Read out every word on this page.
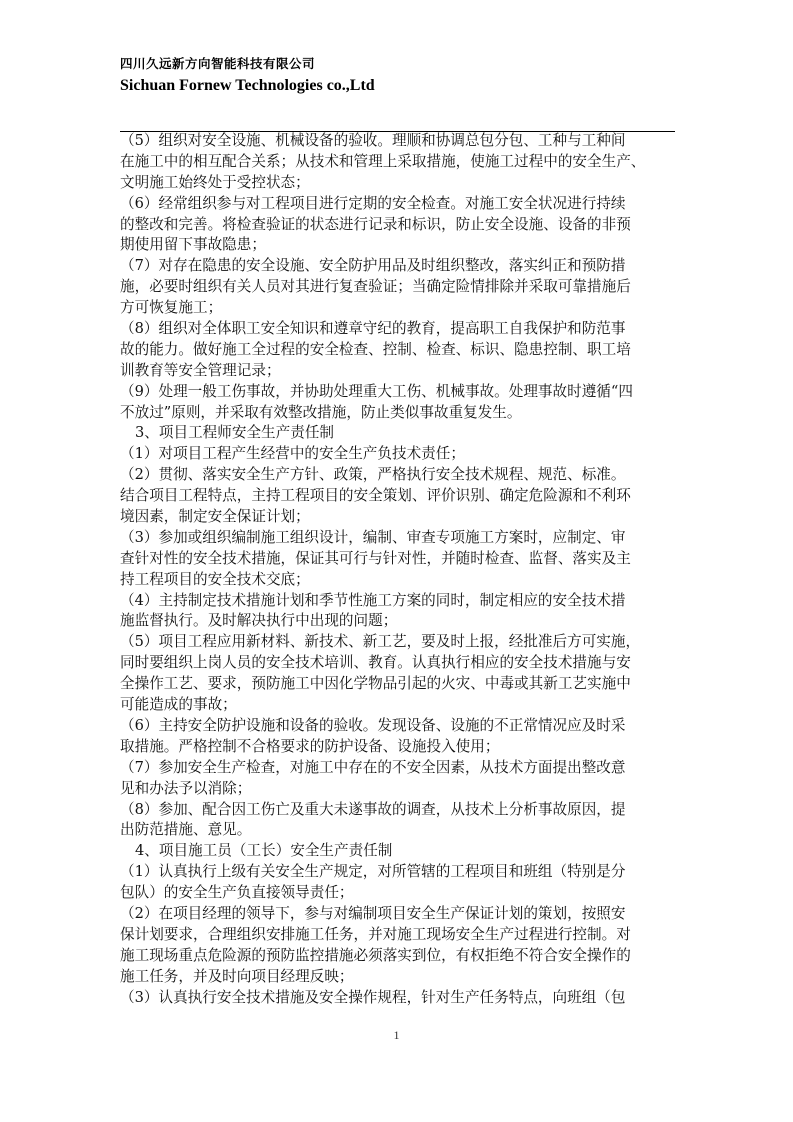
四川久远新方向智能科技有限公司
Sichuan Fornew Technologies co.,Ltd
（5）组织对安全设施、机械设备的验收。理顺和协调总包分包、工种与工种间
在施工中的相互配合关系；从技术和管理上采取措施，使施工过程中的安全生产、
文明施工始终处于受控状态；
（6）经常组织参与对工程项目进行定期的安全检查。对施工安全状况进行持续
的整改和完善。将检查验证的状态进行记录和标识，防止安全设施、设备的非预
期使用留下事故隐患；
（7）对存在隐患的安全设施、安全防护用品及时组织整改，落实纠正和预防措
施，必要时组织有关人员对其进行复查验证；当确定险情排除并采取可靠措施后
方可恢复施工；
（8）组织对全体职工安全知识和遵章守纪的教育，提高职工自我保护和防范事
故的能力。做好施工全过程的安全检查、控制、检查、标识、隐患控制、职工培
训教育等安全管理记录；
（9）处理一般工伤事故，并协助处理重大工伤、机械事故。处理事故时遵循“四
不放过”原则，并采取有效整改措施，防止类似事故重复发生。
3、项目工程师安全生产责任制
（1）对项目工程产生经营中的安全生产负技术责任；
（2）贯彻、落实安全生产方针、政策，严格执行安全技术规程、规范、标准。
结合项目工程特点，主持工程项目的安全策划、评价识别、确定危险源和不利环
境因素，制定安全保证计划；
（3）参加或组织编制施工组织设计，编制、审查专项施工方案时，应制定、审
查针对性的安全技术措施，保证其可行与针对性，并随时检查、监督、落实及主
持工程项目的安全技术交底；
（4）主持制定技术措施计划和季节性施工方案的同时，制定相应的安全技术措
施监督执行。及时解决执行中出现的问题；
（5）项目工程应用新材料、新技术、新工艺，要及时上报，经批准后方可实施，
同时要组织上岗人员的安全技术培训、教育。认真执行相应的安全技术措施与安
全操作工艺、要求，预防施工中因化学物品引起的火灾、中毒或其新工艺实施中
可能造成的事故；
（6）主持安全防护设施和设备的验收。发现设备、设施的不正常情况应及时采
取措施。严格控制不合格要求的防护设备、设施投入使用；
（7）参加安全生产检查，对施工中存在的不安全因素，从技术方面提出整改意
见和办法予以消除；
（8）参加、配合因工伤亡及重大未遂事故的调查，从技术上分析事故原因，提
出防范措施、意见。
4、项目施工员（工长）安全生产责任制
（1）认真执行上级有关安全生产规定，对所管辖的工程项目和班组（特别是分
包队）的安全生产负直接领导责任；
（2）在项目经理的领导下，参与对编制项目安全生产保证计划的策划，按照安
保计划要求，合理组织安排施工任务，并对施工现场安全生产过程进行控制。对
施工现场重点危险源的预防监控措施必须落实到位，有权拒绝不符合安全操作的
施工任务，并及时向项目经理反映；
（3）认真执行安全技术措施及安全操作规程，针对生产任务特点，向班组（包
1
